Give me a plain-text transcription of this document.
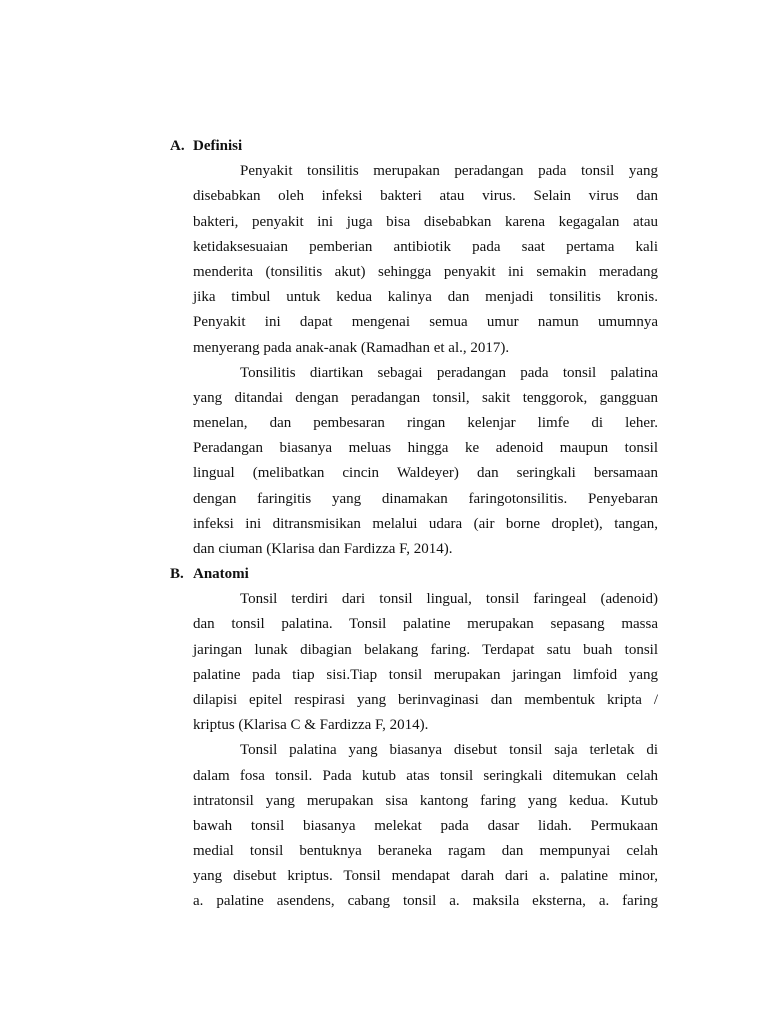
A. Definisi
Penyakit tonsilitis merupakan peradangan pada tonsil yang
disebabkan oleh infeksi bakteri atau virus. Selain virus dan
bakteri, penyakit ini juga bisa disebabkan karena kegagalan atau
ketidaksesuaian pemberian antibiotik pada saat pertama kali
menderita (tonsilitis akut) sehingga penyakit ini semakin meradang
jika timbul untuk kedua kalinya dan menjadi tonsilitis kronis.
Penyakit ini dapat mengenai semua umur namun umumnya
menyerang pada anak-anak (Ramadhan et al., 2017).
Tonsilitis diartikan sebagai peradangan pada tonsil palatina
yang ditandai dengan peradangan tonsil, sakit tenggorok, gangguan
menelan, dan pembesaran ringan kelenjar limfe di leher.
Peradangan biasanya meluas hingga ke adenoid maupun tonsil
lingual (melibatkan cincin Waldeyer) dan seringkali bersamaan
dengan faringitis yang dinamakan faringotonsilitis. Penyebaran
infeksi ini ditransmisikan melalui udara (air borne droplet), tangan,
dan ciuman (Klarisa dan Fardizza F, 2014).
B. Anatomi
Tonsil terdiri dari tonsil lingual, tonsil faringeal (adenoid)
dan tonsil palatina. Tonsil palatine merupakan sepasang massa
jaringan lunak dibagian belakang faring. Terdapat satu buah tonsil
palatine pada tiap sisi.Tiap tonsil merupakan jaringan limfoid yang
dilapisi epitel respirasi yang berinvaginasi dan membentuk kripta /
kriptus (Klarisa C & Fardizza F, 2014).
Tonsil palatina yang biasanya disebut tonsil saja terletak di
dalam fosa tonsil. Pada kutub atas tonsil seringkali ditemukan celah
intratonsil yang merupakan sisa kantong faring yang kedua. Kutub
bawah tonsil biasanya melekat pada dasar lidah. Permukaan
medial tonsil bentuknya beraneka ragam dan mempunyai celah
yang disebut kriptus. Tonsil mendapat darah dari a. palatine minor,
a. palatine asendens, cabang tonsil a. maksila eksterna, a. faring
